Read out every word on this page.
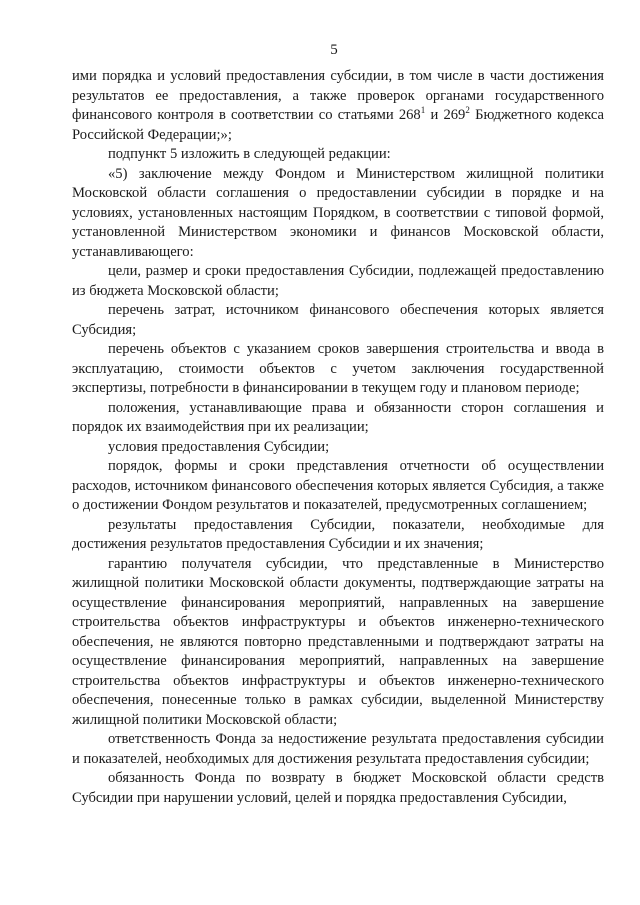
5

ими порядка и условий предоставления субсидии, в том числе в части достижения результатов ее предоставления, а также проверок органами государственного финансового контроля в соответствии со статьями $268^1$ и $269^2$ Бюджетного кодекса Российской Федерации;»;

подпункт 5 изложить в следующей редакции:

«5) заключение между Фондом и Министерством жилищной политики Московской области соглашения о предоставлении субсидии в порядке и на условиях, установленных настоящим Порядком, в соответствии с типовой формой, установленной Министерством экономики и финансов Московской области, устанавливающего:

цели, размер и сроки предоставления Субсидии, подлежащей предоставлению из бюджета Московской области;

перечень затрат, источником финансового обеспечения которых является Субсидия;

перечень объектов с указанием сроков завершения строительства и ввода в эксплуатацию, стоимости объектов с учетом заключения государственной экспертизы, потребности в финансировании в текущем году и плановом периоде;

положения, устанавливающие права и обязанности сторон соглашения и порядок их взаимодействия при их реализации;

условия предоставления Субсидии;

порядок, формы и сроки представления отчетности об осуществлении расходов, источником финансового обеспечения которых является Субсидия, а также о достижении Фондом результатов и показателей, предусмотренных соглашением;

результаты предоставления Субсидии, показатели, необходимые для достижения результатов предоставления Субсидии и их значения;

гарантию получателя субсидии, что представленные в Министерство жилищной политики Московской области документы, подтверждающие затраты на осуществление финансирования мероприятий, направленных на завершение строительства объектов инфраструктуры и объектов инженерно-технического обеспечения, не являются повторно представленными и подтверждают затраты на осуществление финансирования мероприятий, направленных на завершение строительства объектов инфраструктуры и объектов инженерно-технического обеспечения, понесенные только в рамках субсидии, выделенной Министерству жилищной политики Московской области;

ответственность Фонда за недостижение результата предоставления субсидии и показателей, необходимых для достижения результата предоставления субсидии;

обязанность Фонда по возврату в бюджет Московской области средств Субсидии при нарушении условий, целей и порядка предоставления Субсидии,
